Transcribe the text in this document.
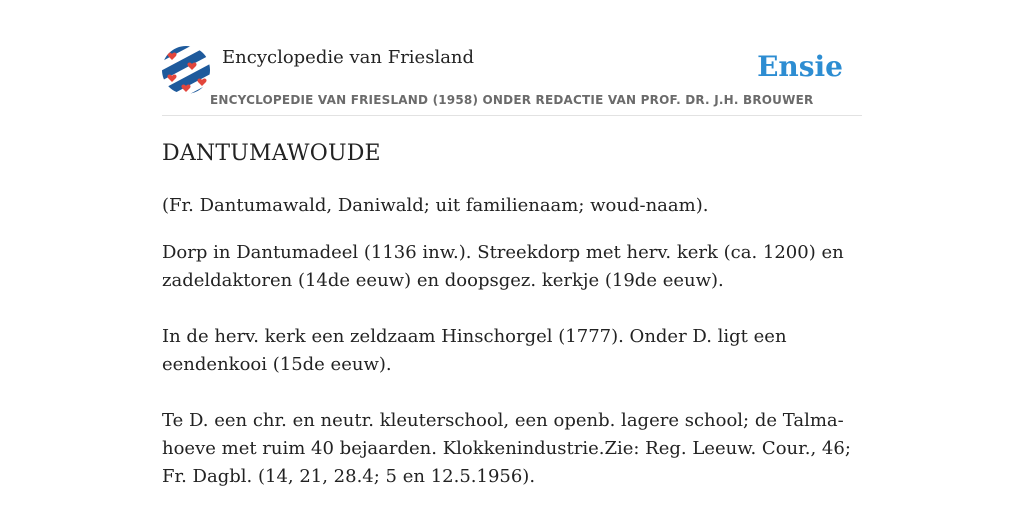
Encyclopedie van Friesland
ENCYCLOPEDIE VAN FRIESLAND (1958) ONDER REDACTIE VAN PROF. DR. J.H. BROUWER
Ensie
DANTUMAWOUDE

(Fr. Dantumawald, Daniwald; uit familienaam; woud-naam).

Dorp in Dantumadeel (1136 inw.). Streekdorp met herv. kerk (ca. 1200) en zadeldaktoren (14de eeuw) en doopsgez. kerkje (19de eeuw).

In de herv. kerk een zeldzaam Hinschorgel (1777). Onder D. ligt een eendenkooi (15de eeuw).

Te D. een chr. en neutr. kleuterschool, een openb. lagere school; de Talma-hoeve met ruim 40 bejaarden. Klokkenindustrie.Zie: Reg. Leeuw. Cour., 46; Fr. Dagbl. (14, 21, 28.4; 5 en 12.5.1956).
